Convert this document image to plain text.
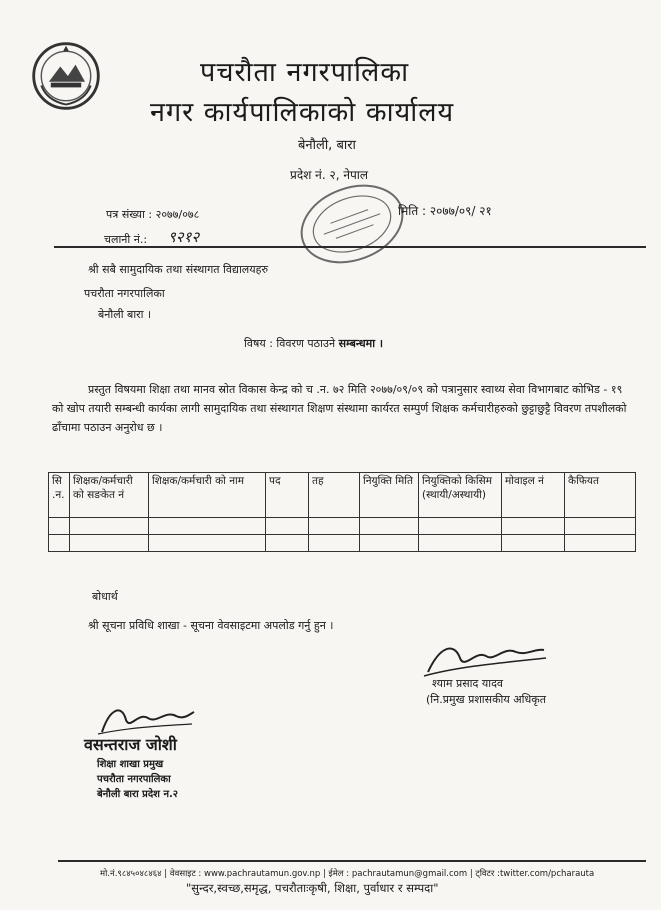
पचरौता नगरपालिका
नगर कार्यपालिकाको कार्यालय
बेनौली, बारा
प्रदेश नं. २, नेपाल
पत्र संख्या : २०७७/०७८
चलानी नं.: ९२१२
मिति : २०७७/०९/ २१
श्री सबै सामुदायिक तथा संस्थागत विद्यालयहरु
पचरौता नगरपालिका
बेनौली बारा ।
विषय : विवरण पठाउने सम्बन्धमा ।
प्रस्तुत विषयमा शिक्षा तथा मानव स्रोत विकास केन्द्र को च .न. ७२ मिति २०७७/०९/०९ को पत्रानुसार स्वाथ्य सेवा विभागबाट कोभिड - १९ को खोप तयारी सम्बन्धी कार्यका लागी सामुदायिक तथा संस्थागत शिक्षण संस्थामा कार्यरत सम्पुर्ण शिक्षक कर्मचारीहरुको छुट्टाछुट्टै विवरण तपशीलको ढाँचामा पठाउन अनुरोध छ ।
सि .न.	शिक्षक/कर्मचारी को सङकेत नं	शिक्षक/कर्मचारी को नाम	पद	तह	नियुक्ति मिति	नियुक्तिको किसिम (स्थायी/अस्थायी)	मोवाइल नं	कैफियत

बोधार्थ
श्री सूचना प्रविधि शाखा - सूचना वेवसाइटमा अपलोड गर्नु हुन ।
श्याम प्रसाद यादव
(नि.प्रमुख प्रशासकीय अधिकृत
वसन्तराज जोशी
शिक्षा शाखा प्रमुख
पचरौता नगरपालिका
बेनौली बारा प्रदेश न.२
मो.नं.९८४५०४८४६४ | वेवसाइट : www.pachrautamun.gov.np | ईमेल : pachrautamun@gmail.com | ट्विटर :twitter.com/pcharauta
"सुन्दर,स्वच्छ,समृद्ध, पचरौताःकृषी, शिक्षा, पुर्वाधार र सम्पदा"
